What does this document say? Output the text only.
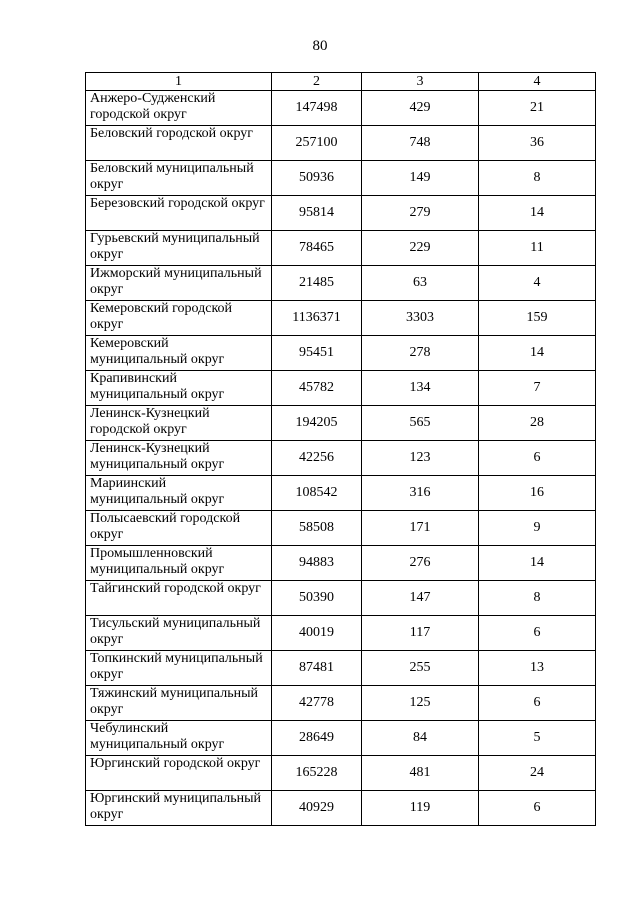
80
1	2	3	4
Анжеро-Судженский городской округ	147498	429	21
Беловский городской округ	257100	748	36
Беловский муниципальный округ	50936	149	8
Березовский городской округ	95814	279	14
Гурьевский муниципальный округ	78465	229	11
Ижморский муниципальный округ	21485	63	4
Кемеровский городской округ	1136371	3303	159
Кемеровский муниципальный округ	95451	278	14
Крапивинский муниципальный округ	45782	134	7
Ленинск-Кузнецкий городской округ	194205	565	28
Ленинск-Кузнецкий муниципальный округ	42256	123	6
Мариинский муниципальный округ	108542	316	16
Полысаевский городской округ	58508	171	9
Промышленновский муниципальный округ	94883	276	14
Тайгинский городской округ	50390	147	8
Тисульский муниципальный округ	40019	117	6
Топкинский муниципальный округ	87481	255	13
Тяжинский муниципальный округ	42778	125	6
Чебулинский муниципальный округ	28649	84	5
Юргинский городской округ	165228	481	24
Юргинский муниципальный округ	40929	119	6
